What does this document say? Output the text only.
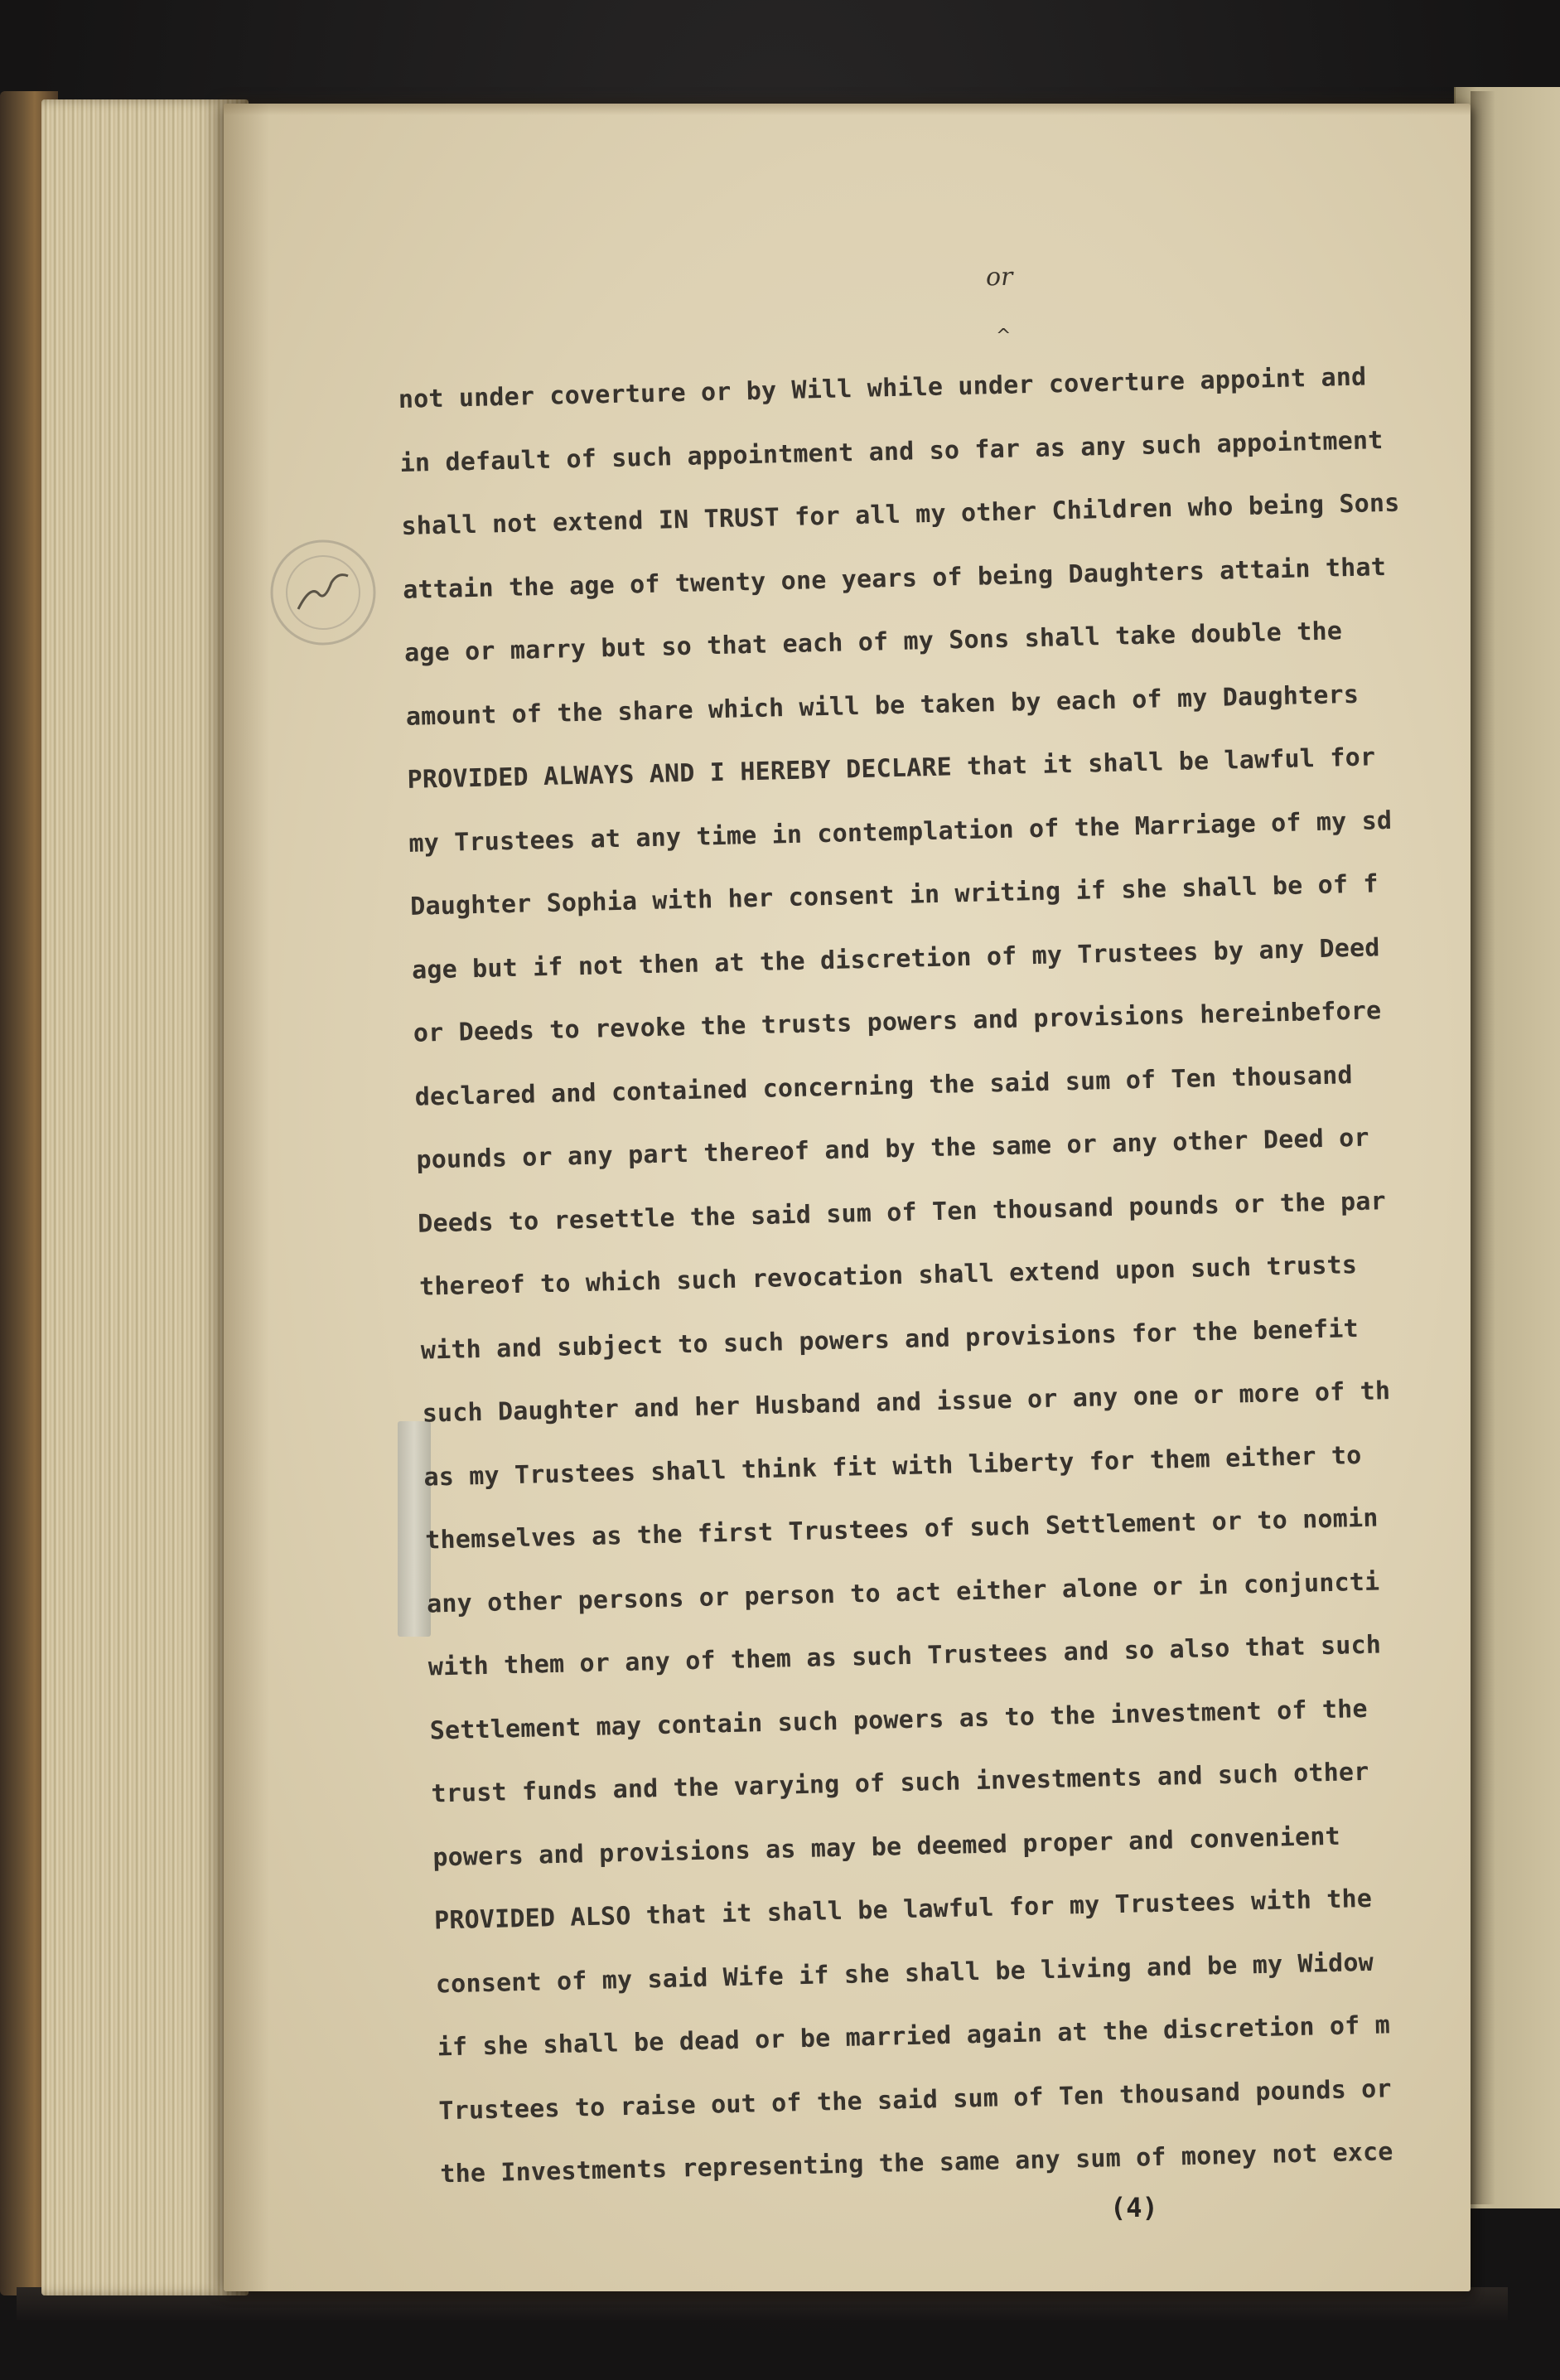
or
^
not under coverture or by Will while under coverture appoint and
in default of such appointment and so far as any such appointment
shall not extend IN TRUST for all my other Children who being Sons
attain the age of twenty one years of being Daughters attain that
age or marry but so that each of my Sons shall take double the
amount of the share which will be taken by each of my Daughters
PROVIDED ALWAYS AND I HEREBY DECLARE that it shall be lawful for
my Trustees at any time in contemplation of the Marriage of my sd
Daughter Sophia with her consent in writing if she shall be of f
age but if not then at the discretion of my Trustees by any Deed
or Deeds to revoke the trusts powers and provisions hereinbefore
declared and contained concerning the said sum of Ten thousand
pounds or any part thereof and by the same or any other Deed or
Deeds to resettle the said sum of Ten thousand pounds or the par
thereof to which such revocation shall extend upon such trusts
with and subject to such powers and provisions for the benefit
such Daughter and her Husband and issue or any one or more of th
as my Trustees shall think fit with liberty for them either to
themselves as the first Trustees of such Settlement or to nomin
any other persons or person to act either alone or in conjuncti
with them or any of them as such Trustees and so also that such
Settlement may contain such powers as to the investment of the
trust funds and the varying of such investments and such other
powers and provisions as may be deemed proper and convenient
PROVIDED ALSO that it shall be lawful for my Trustees with the
consent of my said Wife if she shall be living and be my Widow
if she shall be dead or be married again at the discretion of m
Trustees to raise out of the said sum of Ten thousand pounds or
the Investments representing the same any sum of money not exce
(4)
